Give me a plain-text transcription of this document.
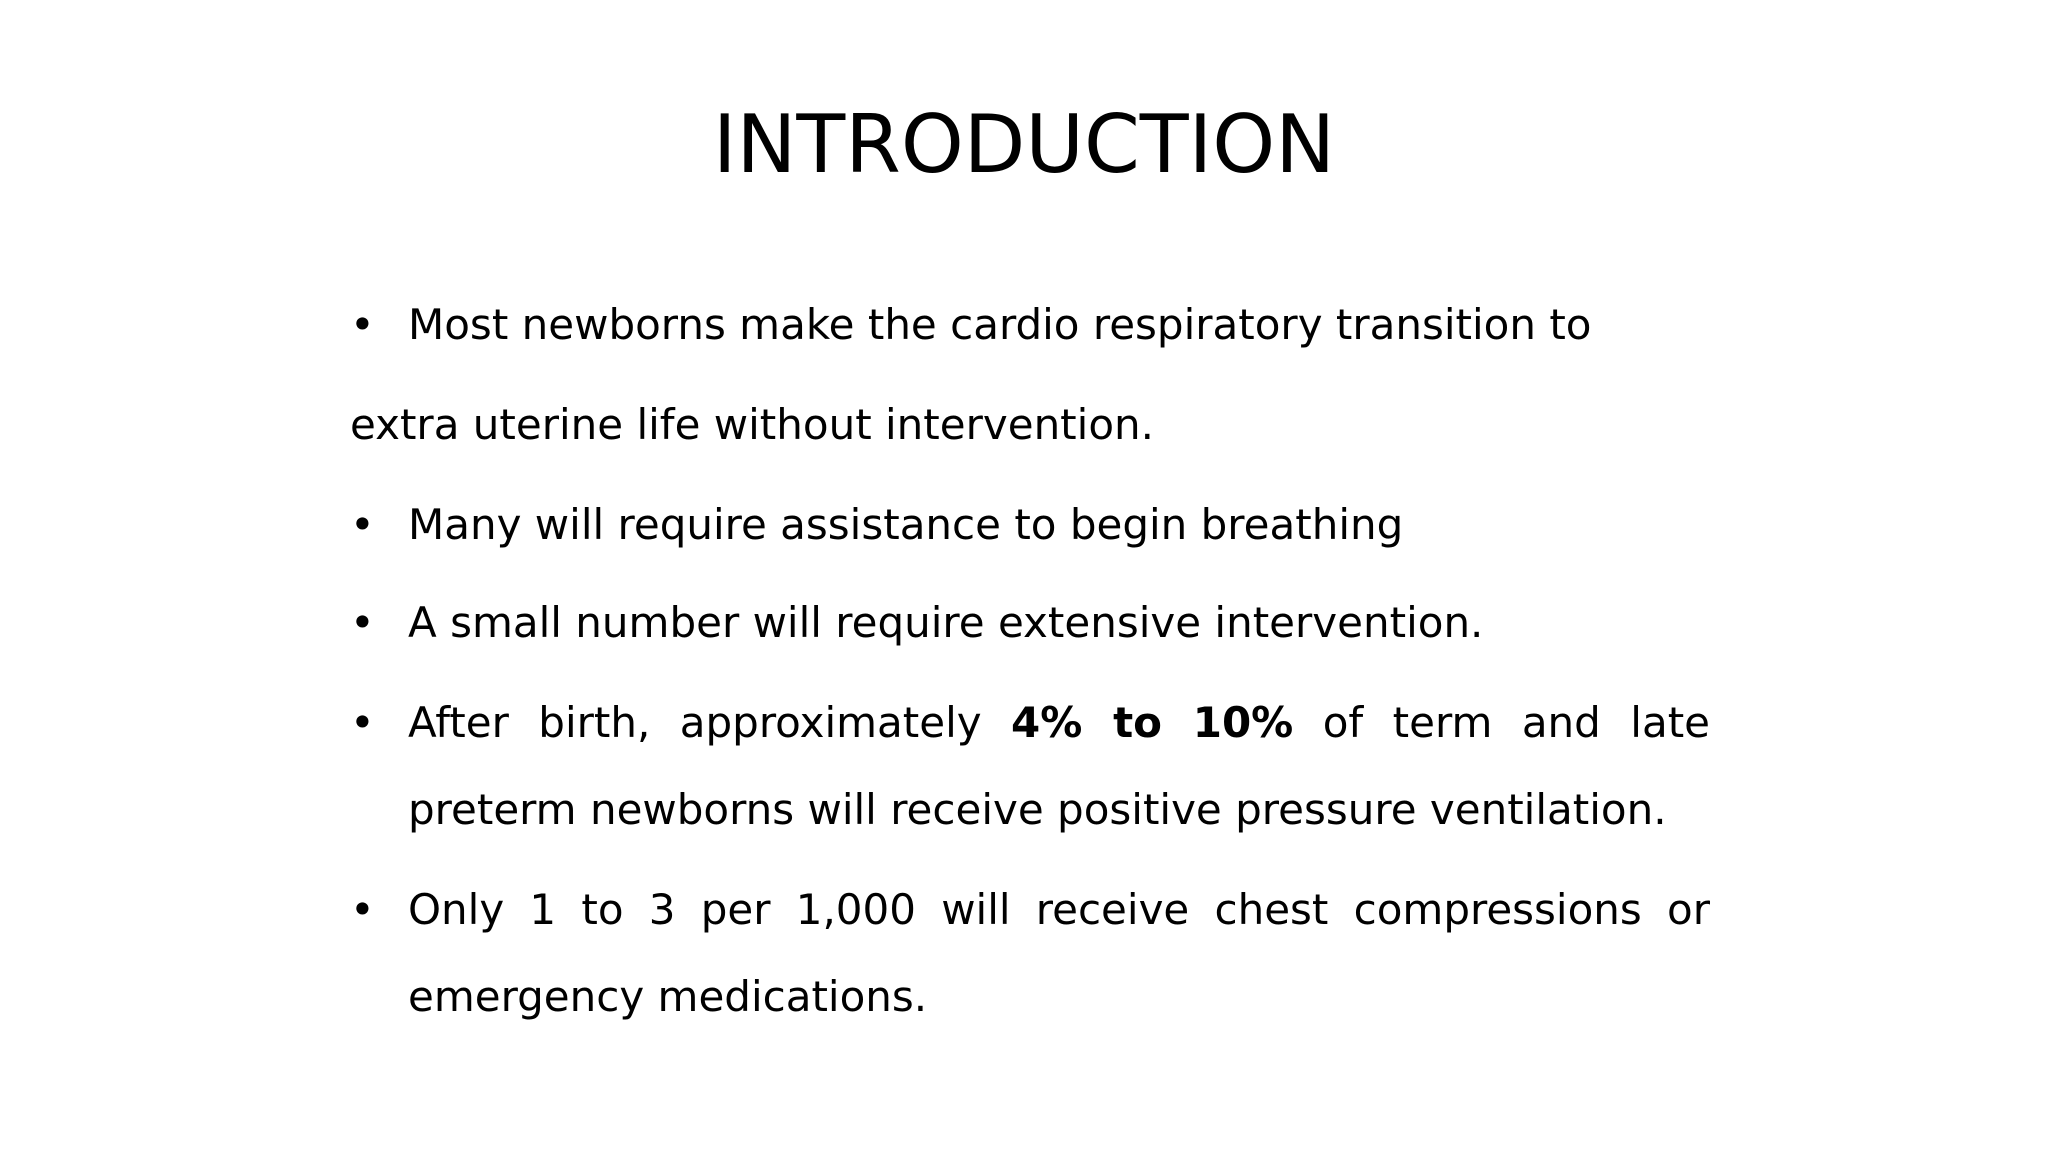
INTRODUCTION
• Most newborns make the cardio respiratory transition to
extra uterine life without intervention.
• Many will require assistance to begin breathing
• A small number will require extensive intervention.
• After birth, approximately 4% to 10% of term and late
preterm newborns will receive positive pressure ventilation.
• Only 1 to 3 per 1,000 will receive chest compressions or
emergency medications.
